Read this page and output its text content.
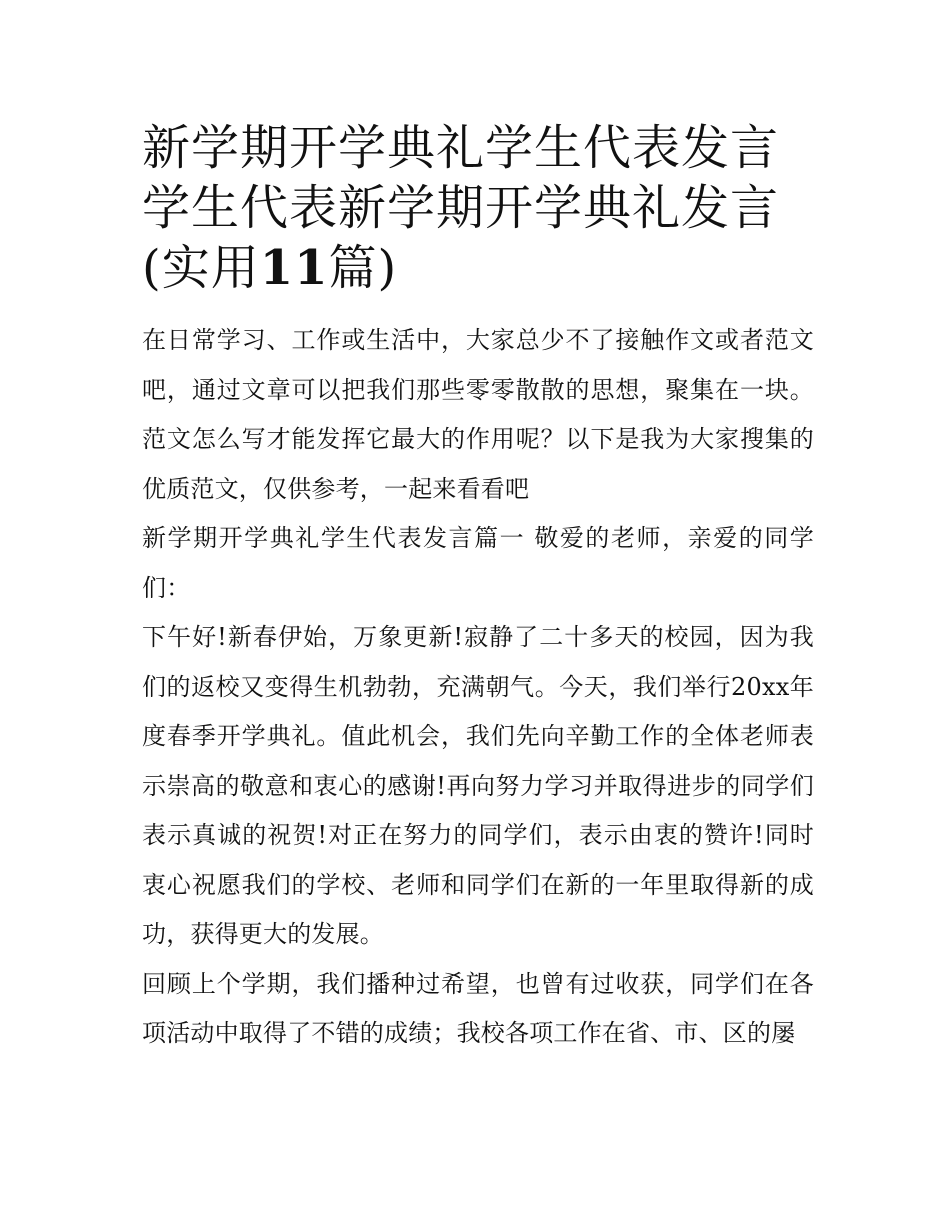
新学期开学典礼学生代表发言
学生代表新学期开学典礼发言
(实用11篇)

在日常学习、工作或生活中，大家总少不了接触作文或者范文吧，通过文章可以把我们那些零零散散的思想，聚集在一块。范文怎么写才能发挥它最大的作用呢？以下是我为大家搜集的优质范文，仅供参考，一起来看看吧

新学期开学典礼学生代表发言篇一 敬爱的老师，亲爱的同学们：

下午好!新春伊始，万象更新!寂静了二十多天的校园，因为我们的返校又变得生机勃勃，充满朝气。今天，我们举行20xx年度春季开学典礼。值此机会，我们先向辛勤工作的全体老师表示崇高的敬意和衷心的感谢!再向努力学习并取得进步的同学们表示真诚的祝贺!对正在努力的同学们，表示由衷的赞许!同时衷心祝愿我们的学校、老师和同学们在新的一年里取得新的成功，获得更大的发展。

回顾上个学期，我们播种过希望，也曾有过收获，同学们在各项活动中取得了不错的成绩；我校各项工作在省、市、区的屡
